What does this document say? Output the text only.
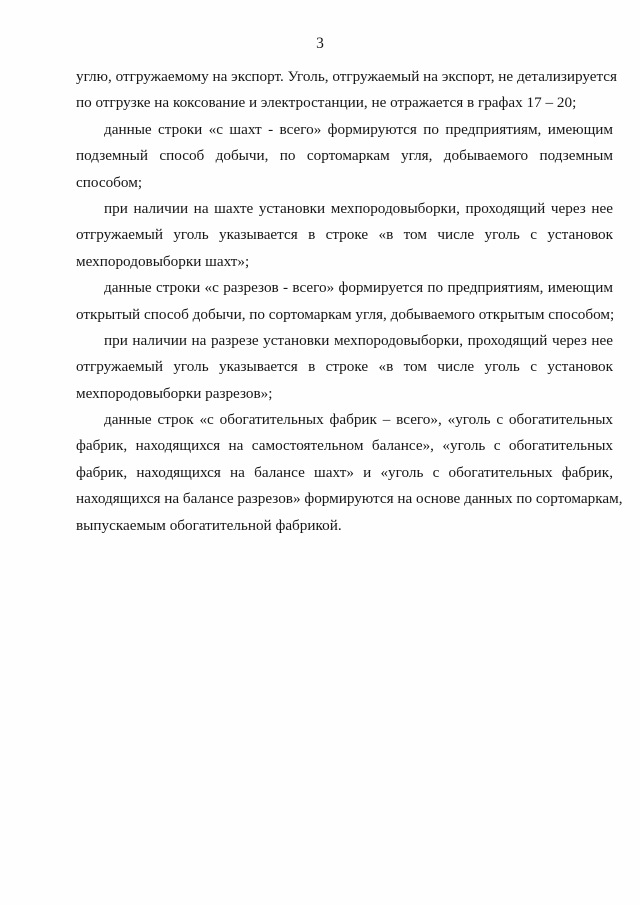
3
углю, отгружаемому на экспорт. Уголь, отгружаемый на экспорт, не детализируется
по отгрузке на коксование и электростанции, не отражается в графах 17 – 20;
данные строки «с шахт - всего» формируются по предприятиям, имеющим
подземный способ добычи, по сортомаркам угля, добываемого подземным
способом;
при наличии на шахте установки мехпородовыборки, проходящий через нее
отгружаемый уголь указывается в строке «в том числе уголь с установок
мехпородовыборки шахт»;
данные строки «с разрезов - всего» формируется по предприятиям, имеющим
открытый способ добычи, по сортомаркам угля, добываемого открытым способом;
при наличии на разрезе установки мехпородовыборки, проходящий через нее
отгружаемый уголь указывается в строке «в том числе уголь с установок
мехпородовыборки разрезов»;
данные строк «с обогатительных фабрик – всего», «уголь с обогатительных
фабрик, находящихся на самостоятельном балансе», «уголь с обогатительных
фабрик, находящихся на балансе шахт» и «уголь с обогатительных фабрик,
находящихся на балансе разрезов» формируются на основе данных по сортомаркам,
выпускаемым обогатительной фабрикой.
